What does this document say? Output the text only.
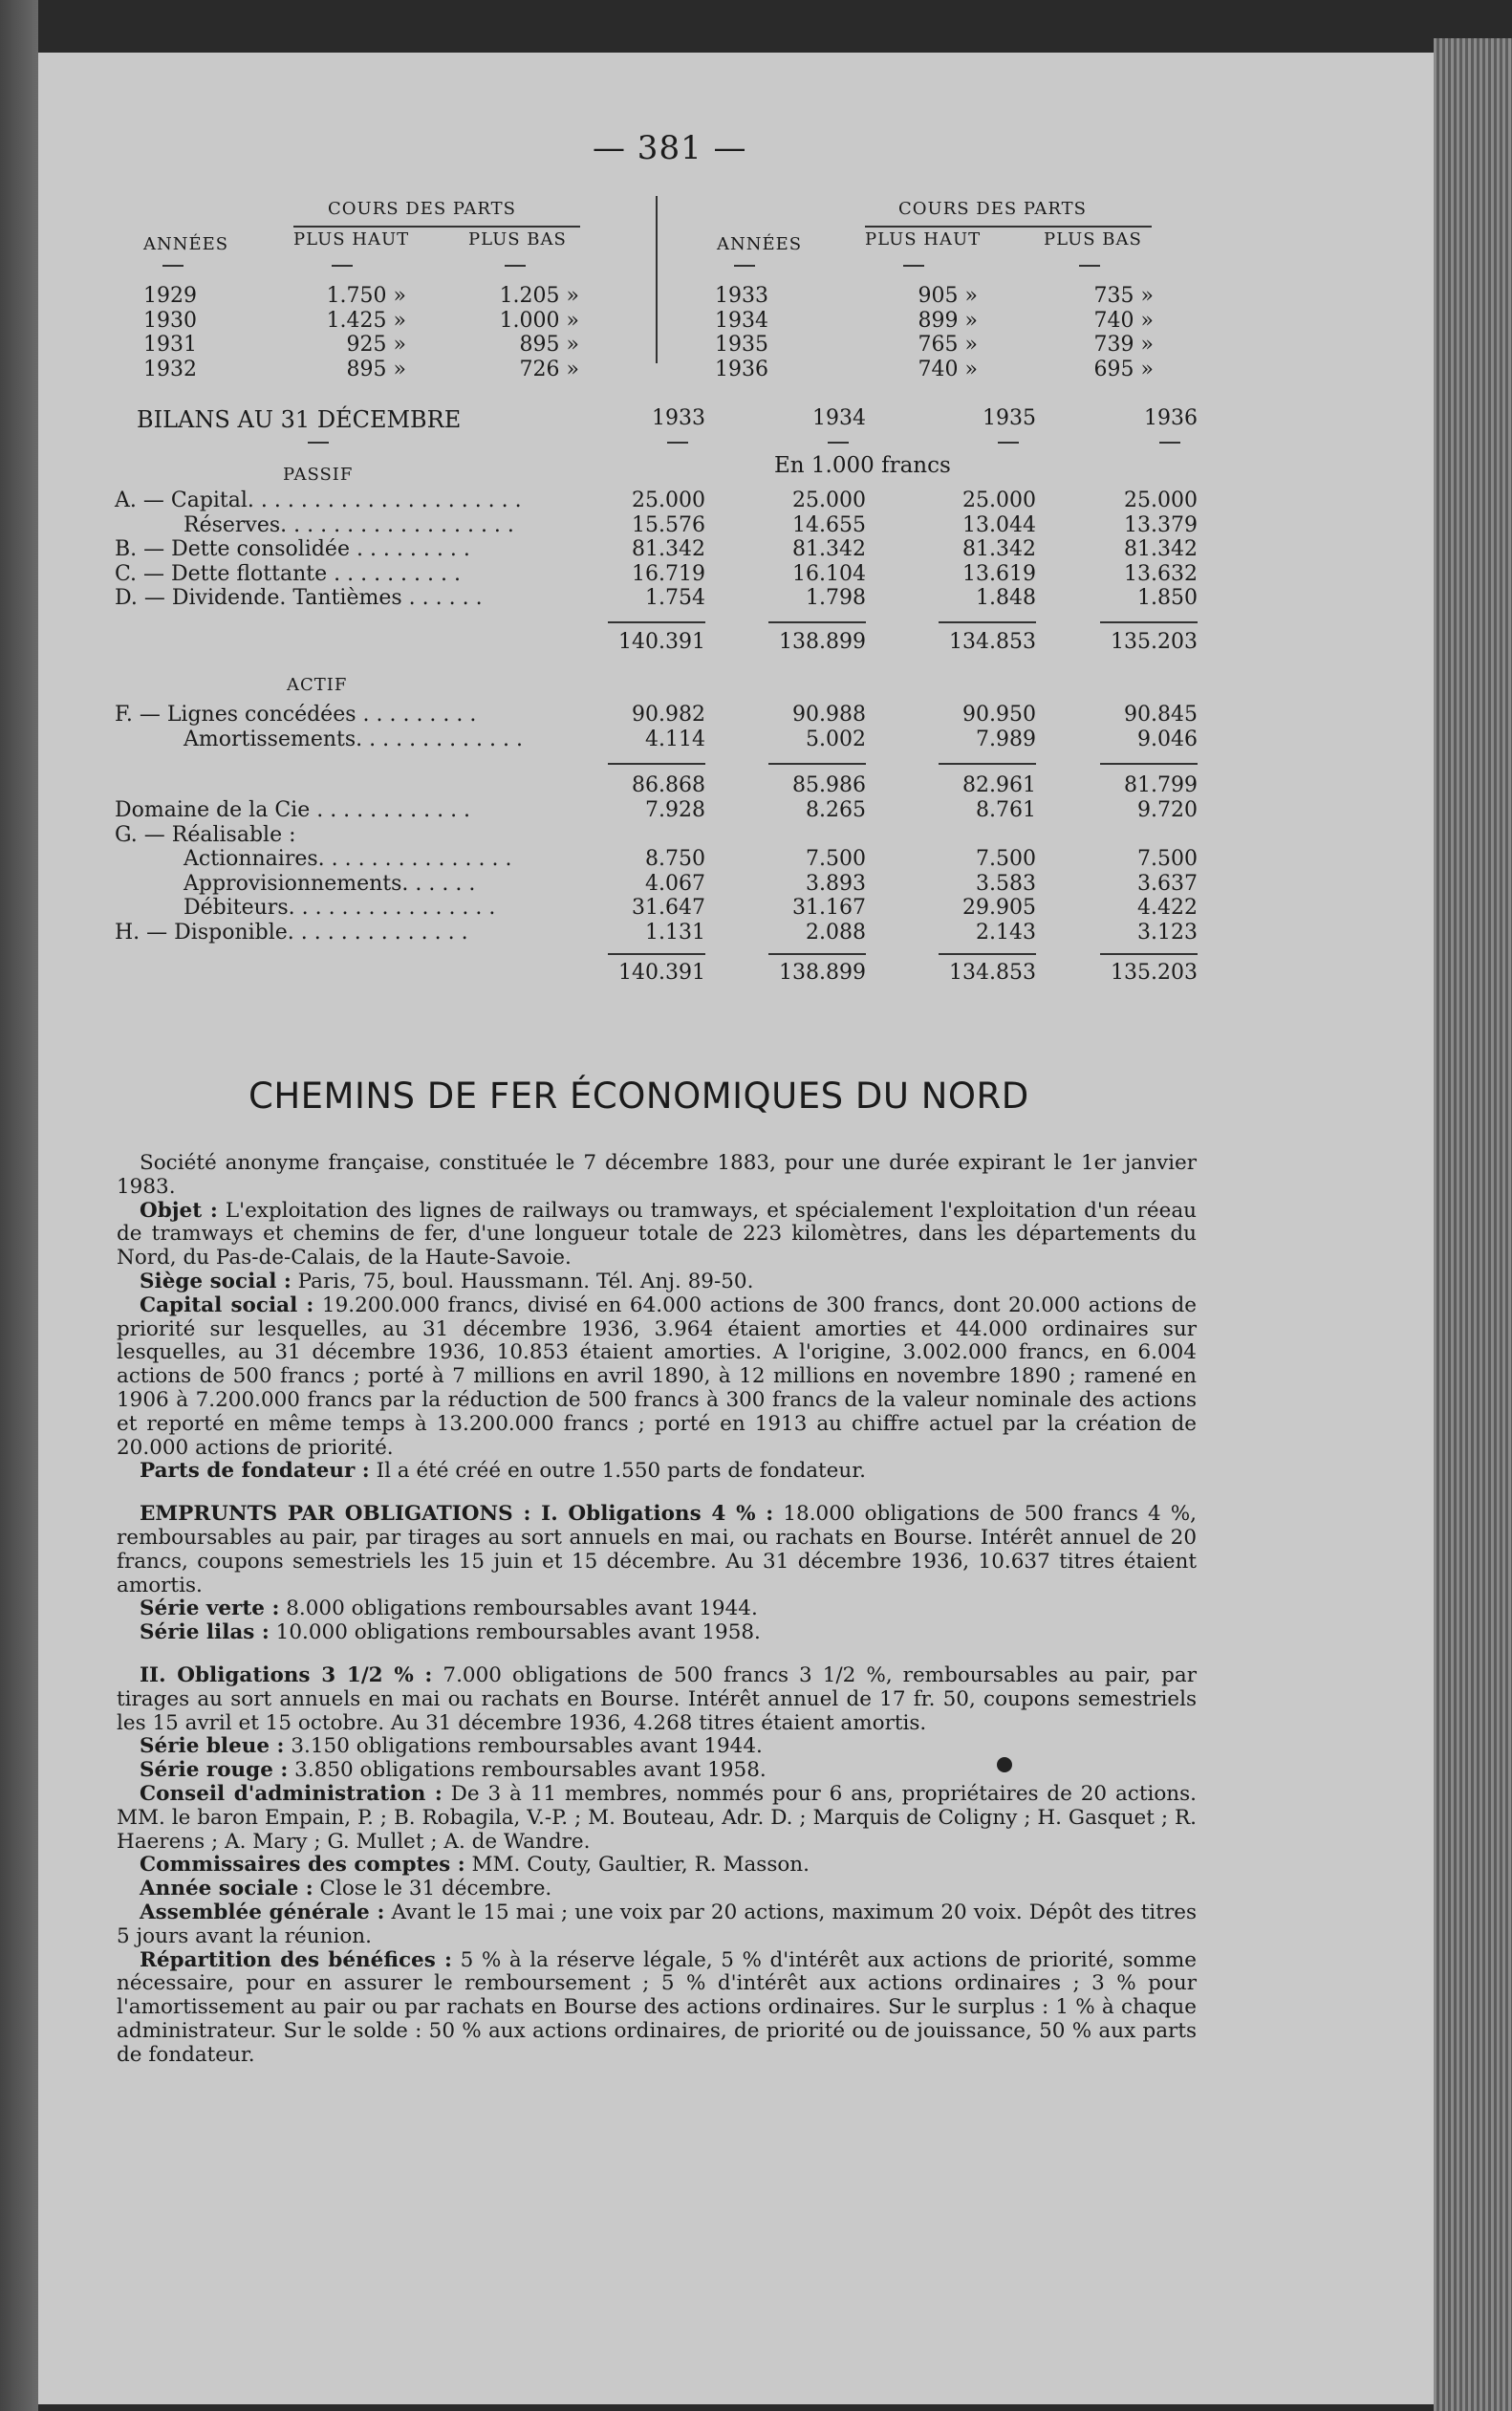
— 381 —
COURS DES PARTS
ANNÉES	PLUS HAUT	PLUS BAS
1929	1.750 »	1.205 »
1930	1.425 »	1.000 »
1931	925 »	895 »
1932	895 »	726 »
COURS DES PARTS
ANNÉES	PLUS HAUT	PLUS BAS
1933	905 »	735 »
1934	899 »	740 »
1935	765 »	739 »
1936	740 »	695 »
BILANS AU 31 DÉCEMBRE	1933	1934	1935	1936
En 1.000 francs
PASSIF
A. — Capital. . . . . . . . . . . . . . . . . . . . .	25.000	25.000	25.000	25.000
Réserves. . . . . . . . . . . . . . . . . .	15.576	14.655	13.044	13.379
B. — Dette consolidée . . . . . . . . .	81.342	81.342	81.342	81.342
C. — Dette flottante . . . . . . . . . .	16.719	16.104	13.619	13.632
D. — Dividende. Tantièmes . . . . . .	1.754	1.798	1.848	1.850
140.391	138.899	134.853	135.203
ACTIF
F. — Lignes concédées . . . . . . . . .	90.982	90.988	90.950	90.845
Amortissements. . . . . . . . . . . . .	4.114	5.002	7.989	9.046
86.868	85.986	82.961	81.799
Domaine de la Cie . . . . . . . . . . . .	7.928	8.265	8.761	9.720
G. — Réalisable :
Actionnaires. . . . . . . . . . . . . . .	8.750	7.500	7.500	7.500
Approvisionnements. . . . . .	4.067	3.893	3.583	3.637
Débiteurs. . . . . . . . . . . . . . . .	31.647	31.167	29.905	4.422
H. — Disponible. . . . . . . . . . . . . .	1.131	2.088	2.143	3.123
140.391	138.899	134.853	135.203
CHEMINS DE FER ÉCONOMIQUES DU NORD

Société anonyme française, constituée le 7 décembre 1883, pour une durée expirant le 1er janvier 1983.

Objet : L'exploitation des lignes de railways ou tramways, et spécialement l'exploitation d'un réeau de tramways et chemins de fer, d'une longueur totale de 223 kilomètres, dans les départements du Nord, du Pas-de-Calais, de la Haute-Savoie.

Siège social : Paris, 75, boul. Haussmann. Tél. Anj. 89-50.

Capital social : 19.200.000 francs, divisé en 64.000 actions de 300 francs, dont 20.000 actions de priorité sur lesquelles, au 31 décembre 1936, 3.964 étaient amorties et 44.000 ordinaires sur lesquelles, au 31 décembre 1936, 10.853 étaient amorties. A l'origine, 3.002.000 francs, en 6.004 actions de 500 francs ; porté à 7 millions en avril 1890, à 12 millions en novembre 1890 ; ramené en 1906 à 7.200.000 francs par la réduction de 500 francs à 300 francs de la valeur nominale des actions et reporté en même temps à 13.200.000 francs ; porté en 1913 au chiffre actuel par la création de 20.000 actions de priorité.

Parts de fondateur : Il a été créé en outre 1.550 parts de fondateur.

EMPRUNTS PAR OBLIGATIONS : I. Obligations 4 % : 18.000 obligations de 500 francs 4 %, remboursables au pair, par tirages au sort annuels en mai, ou rachats en Bourse. Intérêt annuel de 20 francs, coupons semestriels les 15 juin et 15 décembre. Au 31 décembre 1936, 10.637 titres étaient amortis.

Série verte : 8.000 obligations remboursables avant 1944.

Série lilas : 10.000 obligations remboursables avant 1958.

II. Obligations 3 1/2 % : 7.000 obligations de 500 francs 3 1/2 %, remboursables au pair, par tirages au sort annuels en mai ou rachats en Bourse. Intérêt annuel de 17 fr. 50, coupons semestriels les 15 avril et 15 octobre. Au 31 décembre 1936, 4.268 titres étaient amortis.

Série bleue : 3.150 obligations remboursables avant 1944.

Série rouge : 3.850 obligations remboursables avant 1958.

Conseil d'administration : De 3 à 11 membres, nommés pour 6 ans, propriétaires de 20 actions. MM. le baron Empain, P. ; B. Robagila, V.-P. ; M. Bouteau, Adr. D. ; Marquis de Coligny ; H. Gasquet ; R. Haerens ; A. Mary ; G. Mullet ; A. de Wandre.

Commissaires des comptes : MM. Couty, Gaultier, R. Masson.

Année sociale : Close le 31 décembre.

Assemblée générale : Avant le 15 mai ; une voix par 20 actions, maximum 20 voix. Dépôt des titres 5 jours avant la réunion.

Répartition des bénéfices : 5 % à la réserve légale, 5 % d'intérêt aux actions de priorité, somme nécessaire, pour en assurer le remboursement ; 5 % d'intérêt aux actions ordinaires ; 3 % pour l'amortissement au pair ou par rachats en Bourse des actions ordinaires. Sur le surplus : 1 % à chaque administrateur. Sur le solde : 50 % aux actions ordinaires, de priorité ou de jouissance, 50 % aux parts de fondateur.
